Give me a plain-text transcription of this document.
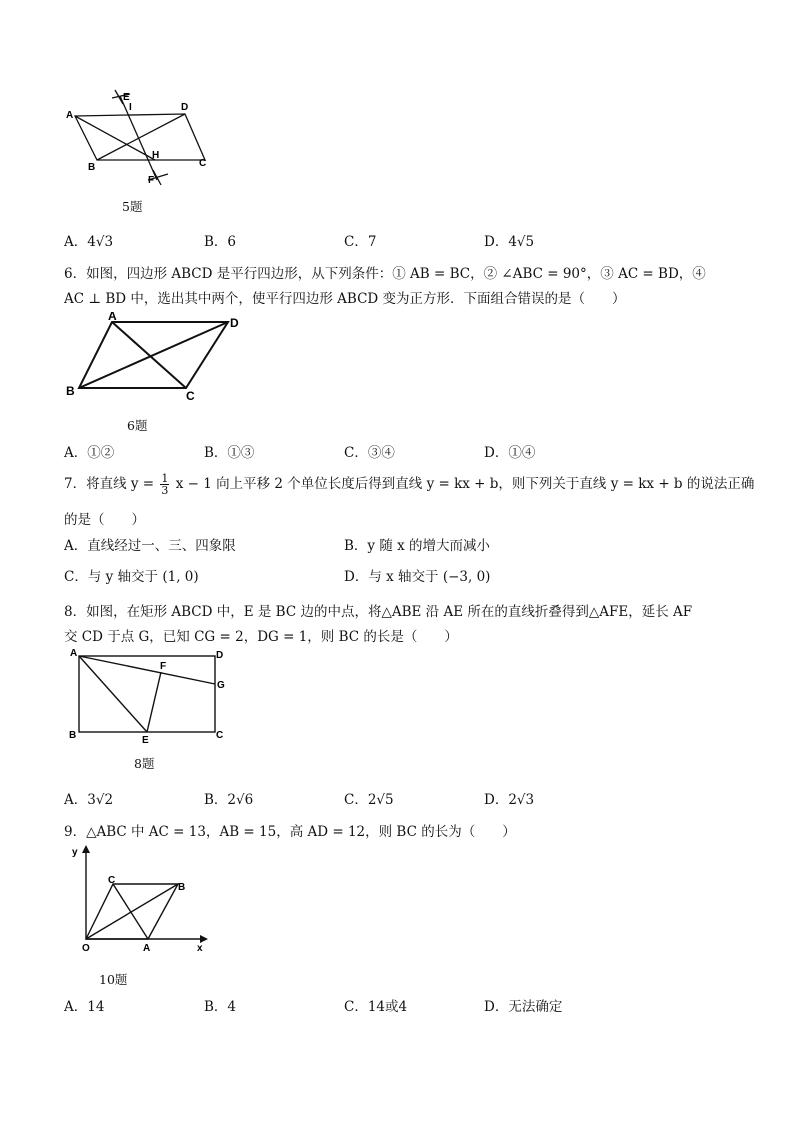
A
D
B	C
E
I
H
F
5题
A．4√3	B．6	C．7	D．4√5
6．如图，四边形 ABCD 是平行四边形，从下列条件：① AB = BC，② ∠ABC = 90°，③ AC = BD，④
AC ⊥ BD 中，选出其中两个，使平行四边形 ABCD 变为正方形．下面组合错误的是（　　）
A	D
B	C
6题
A．①②	B．①③	C．③④	D．①④
7．将直线 $y = \frac{1}{3}$ x − 1 向上平移 2 个单位长度后得到直线 y = kx + b，则下列关于直线 y = kx + b 的说法正确
的是（　　）
A．直线经过一、三、四象限	B．y 随 x 的增大而减小
C．与 y 轴交于 (1, 0)	D．与 x 轴交于 (−3, 0)
8．如图，在矩形 ABCD 中，E 是 BC 边的中点，将△ABE 沿 AE 所在的直线折叠得到△AFE，延长 AF
交 CD 于点 G，已知 CG = 2，DG = 1，则 BC 的长是（　　）
A	D
F
G
B	E	C
8题
A．3√2	B．2√6	C．2√5	D．2√3
9．△ABC 中 AC = 13，AB = 15，高 AD = 12，则 BC 的长为（　　）
y
x
O	A
C
B
10题
A．14	B．4	C．14或4	D．无法确定
